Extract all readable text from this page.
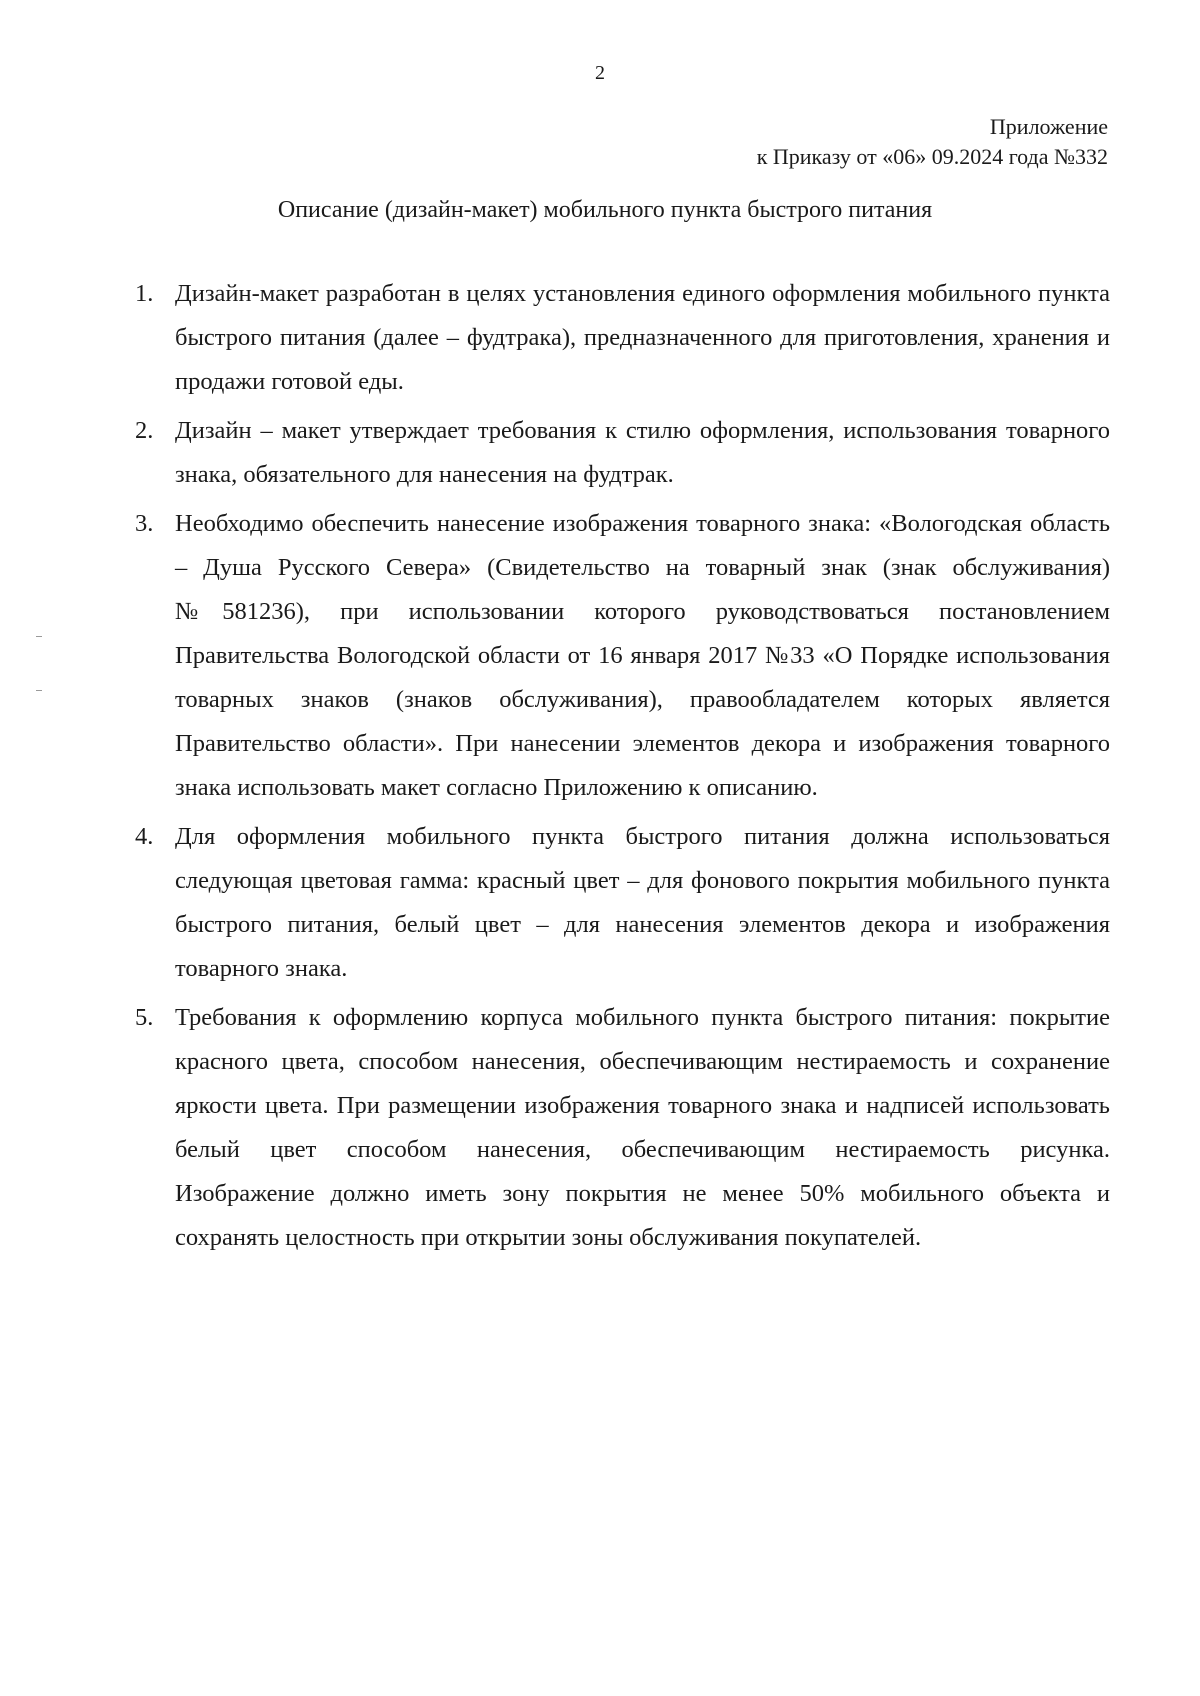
2
Приложение
к Приказу от «06» 09.2024 года №332
Описание (дизайн-макет) мобильного пункта быстрого питания
1. Дизайн-макет разработан в целях установления единого оформления мобильного пункта быстрого питания (далее – фудтрака), предназначенного для приготовления, хранения и продажи готовой еды.
2. Дизайн – макет утверждает требования к стилю оформления, использования товарного знака, обязательного для нанесения на фудтрак.
3. Необходимо обеспечить нанесение изображения товарного знака: «Вологодская область – Душа Русского Севера» (Свидетельство на товарный знак (знак обслуживания) №581236), при использовании которого руководствоваться постановлением Правительства Вологодской области от 16 января 2017 №33 «О Порядке использования товарных знаков (знаков обслуживания), правообладателем которых является Правительство области». При нанесении элементов декора и изображения товарного знака использовать макет согласно Приложению к описанию.
4. Для оформления мобильного пункта быстрого питания должна использоваться следующая цветовая гамма: красный цвет – для фонового покрытия мобильного пункта быстрого питания, белый цвет – для нанесения элементов декора и изображения товарного знака.
5. Требования к оформлению корпуса мобильного пункта быстрого питания: покрытие красного цвета, способом нанесения, обеспечивающим нестираемость и сохранение яркости цвета. При размещении изображения товарного знака и надписей использовать белый цвет способом нанесения, обеспечивающим нестираемость рисунка. Изображение должно иметь зону покрытия не менее 50% мобильного объекта и сохранять целостность при открытии зоны обслуживания покупателей.
